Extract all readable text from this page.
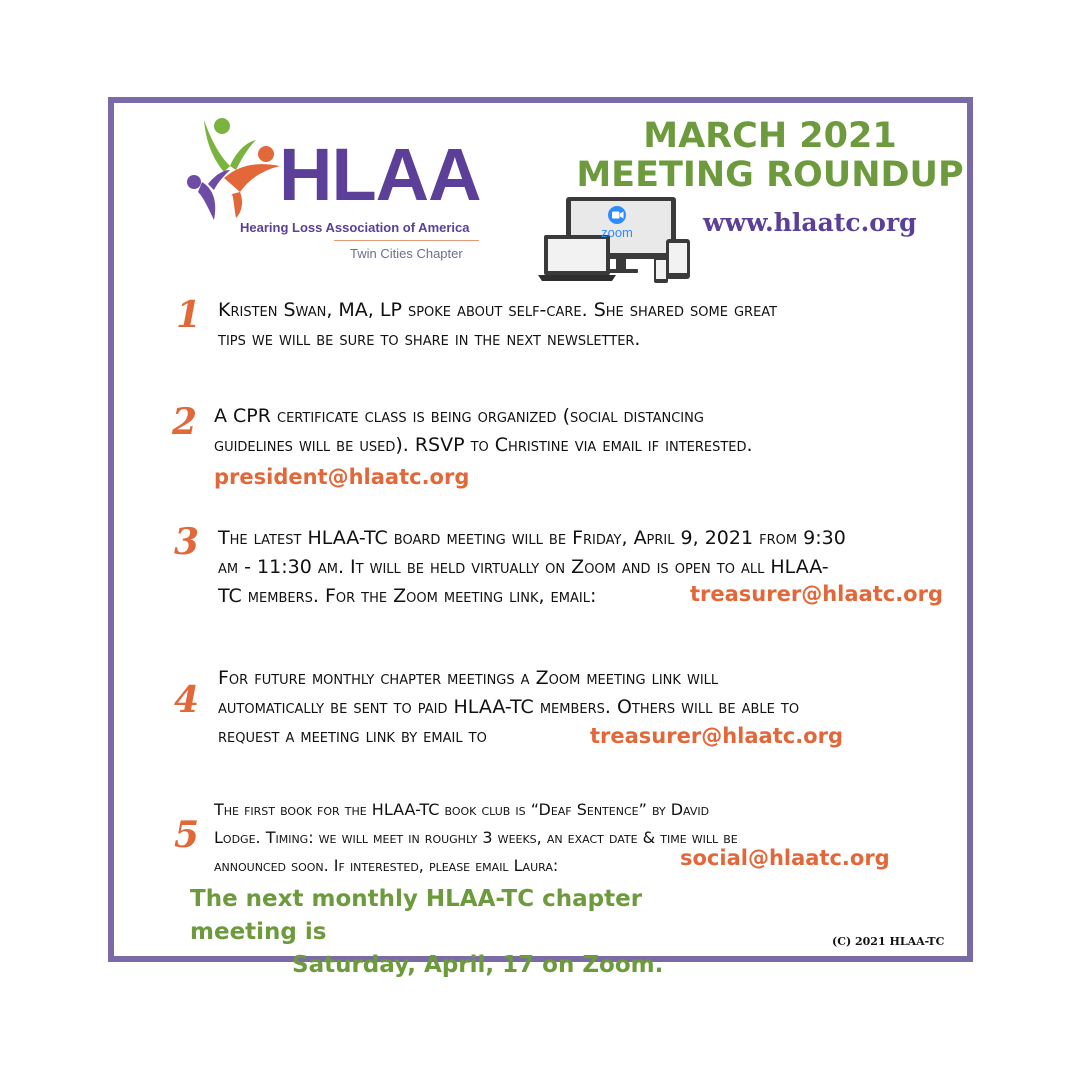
HLAA
Hearing Loss Association of America
Twin Cities Chapter
MARCH 2021
MEETING ROUNDUP
zoom	www.hlaatc.org
1 Kristen Swan, MA, LP spoke about self-care. She shared some great
tips we will be sure to share in the next newsletter.
2 A CPR certificate class is being organized (social distancing
guidelines will be used). RSVP to Christine via email if interested.
president@hlaatc.org
3 The latest HLAA-TC board meeting will be Friday, April 9, 2021 from 9:30
am - 11:30 am. It will be held virtually on Zoom and is open to all HLAA-
TC members. For the Zoom meeting link, email:	treasurer@hlaatc.org
4
For future monthly chapter meetings a Zoom meeting link will
automatically be sent to paid HLAA-TC members. Others will be able to
request a meeting link by email to	treasurer@hlaatc.org
5
The first book for the HLAA-TC book club is “Deaf Sentence” by David
Lodge. Timing: we will meet in roughly 3 weeks, an exact date & time will be
announced soon. If interested, please email Laura:	social@hlaatc.org
The next monthly HLAA-TC chapter meeting is
Saturday, April, 17 on Zoom.
(C) 2021 HLAA-TC
